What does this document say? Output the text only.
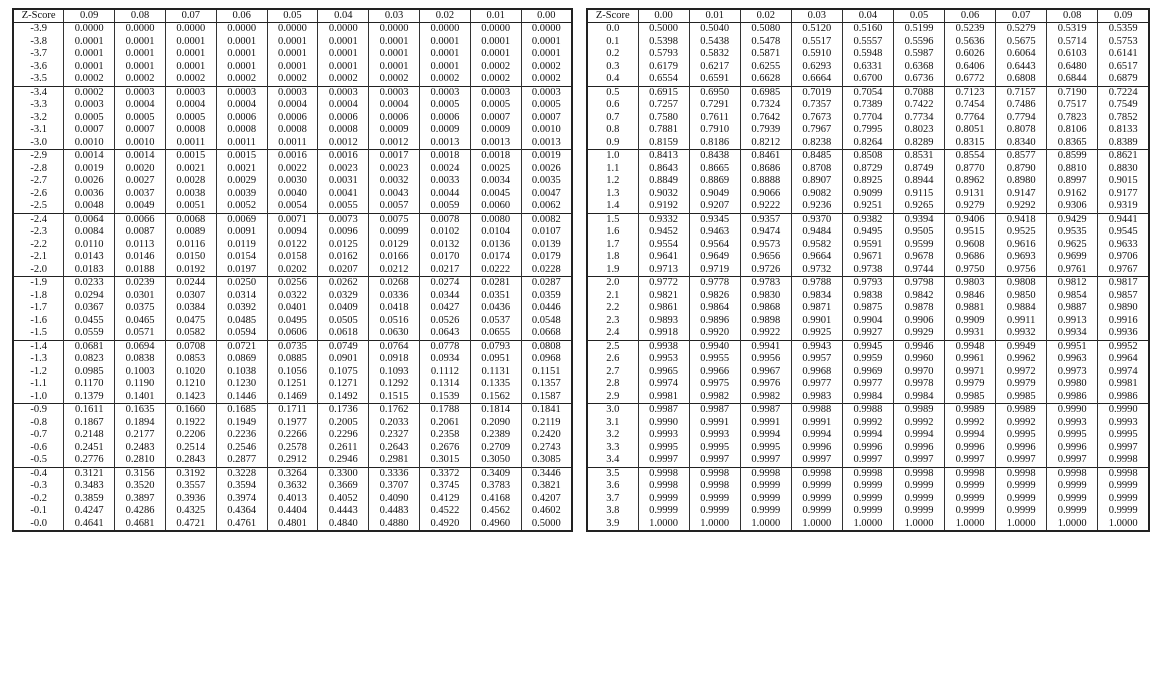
Z-Score	0.09	0.08	0.07	0.06	0.05	0.04	0.03	0.02	0.01	0.00
-3.9	0.0000	0.0000	0.0000	0.0000	0.0000	0.0000	0.0000	0.0000	0.0000	0.0000
-3.8	0.0001	0.0001	0.0001	0.0001	0.0001	0.0001	0.0001	0.0001	0.0001	0.0001
-3.7	0.0001	0.0001	0.0001	0.0001	0.0001	0.0001	0.0001	0.0001	0.0001	0.0001
-3.6	0.0001	0.0001	0.0001	0.0001	0.0001	0.0001	0.0001	0.0001	0.0002	0.0002
-3.5	0.0002	0.0002	0.0002	0.0002	0.0002	0.0002	0.0002	0.0002	0.0002	0.0002
-3.4	0.0002	0.0003	0.0003	0.0003	0.0003	0.0003	0.0003	0.0003	0.0003	0.0003
-3.3	0.0003	0.0004	0.0004	0.0004	0.0004	0.0004	0.0004	0.0005	0.0005	0.0005
-3.2	0.0005	0.0005	0.0005	0.0006	0.0006	0.0006	0.0006	0.0006	0.0007	0.0007
-3.1	0.0007	0.0007	0.0008	0.0008	0.0008	0.0008	0.0009	0.0009	0.0009	0.0010
-3.0	0.0010	0.0010	0.0011	0.0011	0.0011	0.0012	0.0012	0.0013	0.0013	0.0013
-2.9	0.0014	0.0014	0.0015	0.0015	0.0016	0.0016	0.0017	0.0018	0.0018	0.0019
-2.8	0.0019	0.0020	0.0021	0.0021	0.0022	0.0023	0.0023	0.0024	0.0025	0.0026
-2.7	0.0026	0.0027	0.0028	0.0029	0.0030	0.0031	0.0032	0.0033	0.0034	0.0035
-2.6	0.0036	0.0037	0.0038	0.0039	0.0040	0.0041	0.0043	0.0044	0.0045	0.0047
-2.5	0.0048	0.0049	0.0051	0.0052	0.0054	0.0055	0.0057	0.0059	0.0060	0.0062
-2.4	0.0064	0.0066	0.0068	0.0069	0.0071	0.0073	0.0075	0.0078	0.0080	0.0082
-2.3	0.0084	0.0087	0.0089	0.0091	0.0094	0.0096	0.0099	0.0102	0.0104	0.0107
-2.2	0.0110	0.0113	0.0116	0.0119	0.0122	0.0125	0.0129	0.0132	0.0136	0.0139
-2.1	0.0143	0.0146	0.0150	0.0154	0.0158	0.0162	0.0166	0.0170	0.0174	0.0179
-2.0	0.0183	0.0188	0.0192	0.0197	0.0202	0.0207	0.0212	0.0217	0.0222	0.0228
-1.9	0.0233	0.0239	0.0244	0.0250	0.0256	0.0262	0.0268	0.0274	0.0281	0.0287
-1.8	0.0294	0.0301	0.0307	0.0314	0.0322	0.0329	0.0336	0.0344	0.0351	0.0359
-1.7	0.0367	0.0375	0.0384	0.0392	0.0401	0.0409	0.0418	0.0427	0.0436	0.0446
-1.6	0.0455	0.0465	0.0475	0.0485	0.0495	0.0505	0.0516	0.0526	0.0537	0.0548
-1.5	0.0559	0.0571	0.0582	0.0594	0.0606	0.0618	0.0630	0.0643	0.0655	0.0668
-1.4	0.0681	0.0694	0.0708	0.0721	0.0735	0.0749	0.0764	0.0778	0.0793	0.0808
-1.3	0.0823	0.0838	0.0853	0.0869	0.0885	0.0901	0.0918	0.0934	0.0951	0.0968
-1.2	0.0985	0.1003	0.1020	0.1038	0.1056	0.1075	0.1093	0.1112	0.1131	0.1151
-1.1	0.1170	0.1190	0.1210	0.1230	0.1251	0.1271	0.1292	0.1314	0.1335	0.1357
-1.0	0.1379	0.1401	0.1423	0.1446	0.1469	0.1492	0.1515	0.1539	0.1562	0.1587
-0.9	0.1611	0.1635	0.1660	0.1685	0.1711	0.1736	0.1762	0.1788	0.1814	0.1841
-0.8	0.1867	0.1894	0.1922	0.1949	0.1977	0.2005	0.2033	0.2061	0.2090	0.2119
-0.7	0.2148	0.2177	0.2206	0.2236	0.2266	0.2296	0.2327	0.2358	0.2389	0.2420
-0.6	0.2451	0.2483	0.2514	0.2546	0.2578	0.2611	0.2643	0.2676	0.2709	0.2743
-0.5	0.2776	0.2810	0.2843	0.2877	0.2912	0.2946	0.2981	0.3015	0.3050	0.3085
-0.4	0.3121	0.3156	0.3192	0.3228	0.3264	0.3300	0.3336	0.3372	0.3409	0.3446
-0.3	0.3483	0.3520	0.3557	0.3594	0.3632	0.3669	0.3707	0.3745	0.3783	0.3821
-0.2	0.3859	0.3897	0.3936	0.3974	0.4013	0.4052	0.4090	0.4129	0.4168	0.4207
-0.1	0.4247	0.4286	0.4325	0.4364	0.4404	0.4443	0.4483	0.4522	0.4562	0.4602
-0.0	0.4641	0.4681	0.4721	0.4761	0.4801	0.4840	0.4880	0.4920	0.4960	0.5000
Z-Score	0.00	0.01	0.02	0.03	0.04	0.05	0.06	0.07	0.08	0.09
0.0	0.5000	0.5040	0.5080	0.5120	0.5160	0.5199	0.5239	0.5279	0.5319	0.5359
0.1	0.5398	0.5438	0.5478	0.5517	0.5557	0.5596	0.5636	0.5675	0.5714	0.5753
0.2	0.5793	0.5832	0.5871	0.5910	0.5948	0.5987	0.6026	0.6064	0.6103	0.6141
0.3	0.6179	0.6217	0.6255	0.6293	0.6331	0.6368	0.6406	0.6443	0.6480	0.6517
0.4	0.6554	0.6591	0.6628	0.6664	0.6700	0.6736	0.6772	0.6808	0.6844	0.6879
0.5	0.6915	0.6950	0.6985	0.7019	0.7054	0.7088	0.7123	0.7157	0.7190	0.7224
0.6	0.7257	0.7291	0.7324	0.7357	0.7389	0.7422	0.7454	0.7486	0.7517	0.7549
0.7	0.7580	0.7611	0.7642	0.7673	0.7704	0.7734	0.7764	0.7794	0.7823	0.7852
0.8	0.7881	0.7910	0.7939	0.7967	0.7995	0.8023	0.8051	0.8078	0.8106	0.8133
0.9	0.8159	0.8186	0.8212	0.8238	0.8264	0.8289	0.8315	0.8340	0.8365	0.8389
1.0	0.8413	0.8438	0.8461	0.8485	0.8508	0.8531	0.8554	0.8577	0.8599	0.8621
1.1	0.8643	0.8665	0.8686	0.8708	0.8729	0.8749	0.8770	0.8790	0.8810	0.8830
1.2	0.8849	0.8869	0.8888	0.8907	0.8925	0.8944	0.8962	0.8980	0.8997	0.9015
1.3	0.9032	0.9049	0.9066	0.9082	0.9099	0.9115	0.9131	0.9147	0.9162	0.9177
1.4	0.9192	0.9207	0.9222	0.9236	0.9251	0.9265	0.9279	0.9292	0.9306	0.9319
1.5	0.9332	0.9345	0.9357	0.9370	0.9382	0.9394	0.9406	0.9418	0.9429	0.9441
1.6	0.9452	0.9463	0.9474	0.9484	0.9495	0.9505	0.9515	0.9525	0.9535	0.9545
1.7	0.9554	0.9564	0.9573	0.9582	0.9591	0.9599	0.9608	0.9616	0.9625	0.9633
1.8	0.9641	0.9649	0.9656	0.9664	0.9671	0.9678	0.9686	0.9693	0.9699	0.9706
1.9	0.9713	0.9719	0.9726	0.9732	0.9738	0.9744	0.9750	0.9756	0.9761	0.9767
2.0	0.9772	0.9778	0.9783	0.9788	0.9793	0.9798	0.9803	0.9808	0.9812	0.9817
2.1	0.9821	0.9826	0.9830	0.9834	0.9838	0.9842	0.9846	0.9850	0.9854	0.9857
2.2	0.9861	0.9864	0.9868	0.9871	0.9875	0.9878	0.9881	0.9884	0.9887	0.9890
2.3	0.9893	0.9896	0.9898	0.9901	0.9904	0.9906	0.9909	0.9911	0.9913	0.9916
2.4	0.9918	0.9920	0.9922	0.9925	0.9927	0.9929	0.9931	0.9932	0.9934	0.9936
2.5	0.9938	0.9940	0.9941	0.9943	0.9945	0.9946	0.9948	0.9949	0.9951	0.9952
2.6	0.9953	0.9955	0.9956	0.9957	0.9959	0.9960	0.9961	0.9962	0.9963	0.9964
2.7	0.9965	0.9966	0.9967	0.9968	0.9969	0.9970	0.9971	0.9972	0.9973	0.9974
2.8	0.9974	0.9975	0.9976	0.9977	0.9977	0.9978	0.9979	0.9979	0.9980	0.9981
2.9	0.9981	0.9982	0.9982	0.9983	0.9984	0.9984	0.9985	0.9985	0.9986	0.9986
3.0	0.9987	0.9987	0.9987	0.9988	0.9988	0.9989	0.9989	0.9989	0.9990	0.9990
3.1	0.9990	0.9991	0.9991	0.9991	0.9992	0.9992	0.9992	0.9992	0.9993	0.9993
3.2	0.9993	0.9993	0.9994	0.9994	0.9994	0.9994	0.9994	0.9995	0.9995	0.9995
3.3	0.9995	0.9995	0.9995	0.9996	0.9996	0.9996	0.9996	0.9996	0.9996	0.9997
3.4	0.9997	0.9997	0.9997	0.9997	0.9997	0.9997	0.9997	0.9997	0.9997	0.9998
3.5	0.9998	0.9998	0.9998	0.9998	0.9998	0.9998	0.9998	0.9998	0.9998	0.9998
3.6	0.9998	0.9998	0.9999	0.9999	0.9999	0.9999	0.9999	0.9999	0.9999	0.9999
3.7	0.9999	0.9999	0.9999	0.9999	0.9999	0.9999	0.9999	0.9999	0.9999	0.9999
3.8	0.9999	0.9999	0.9999	0.9999	0.9999	0.9999	0.9999	0.9999	0.9999	0.9999
3.9	1.0000	1.0000	1.0000	1.0000	1.0000	1.0000	1.0000	1.0000	1.0000	1.0000
